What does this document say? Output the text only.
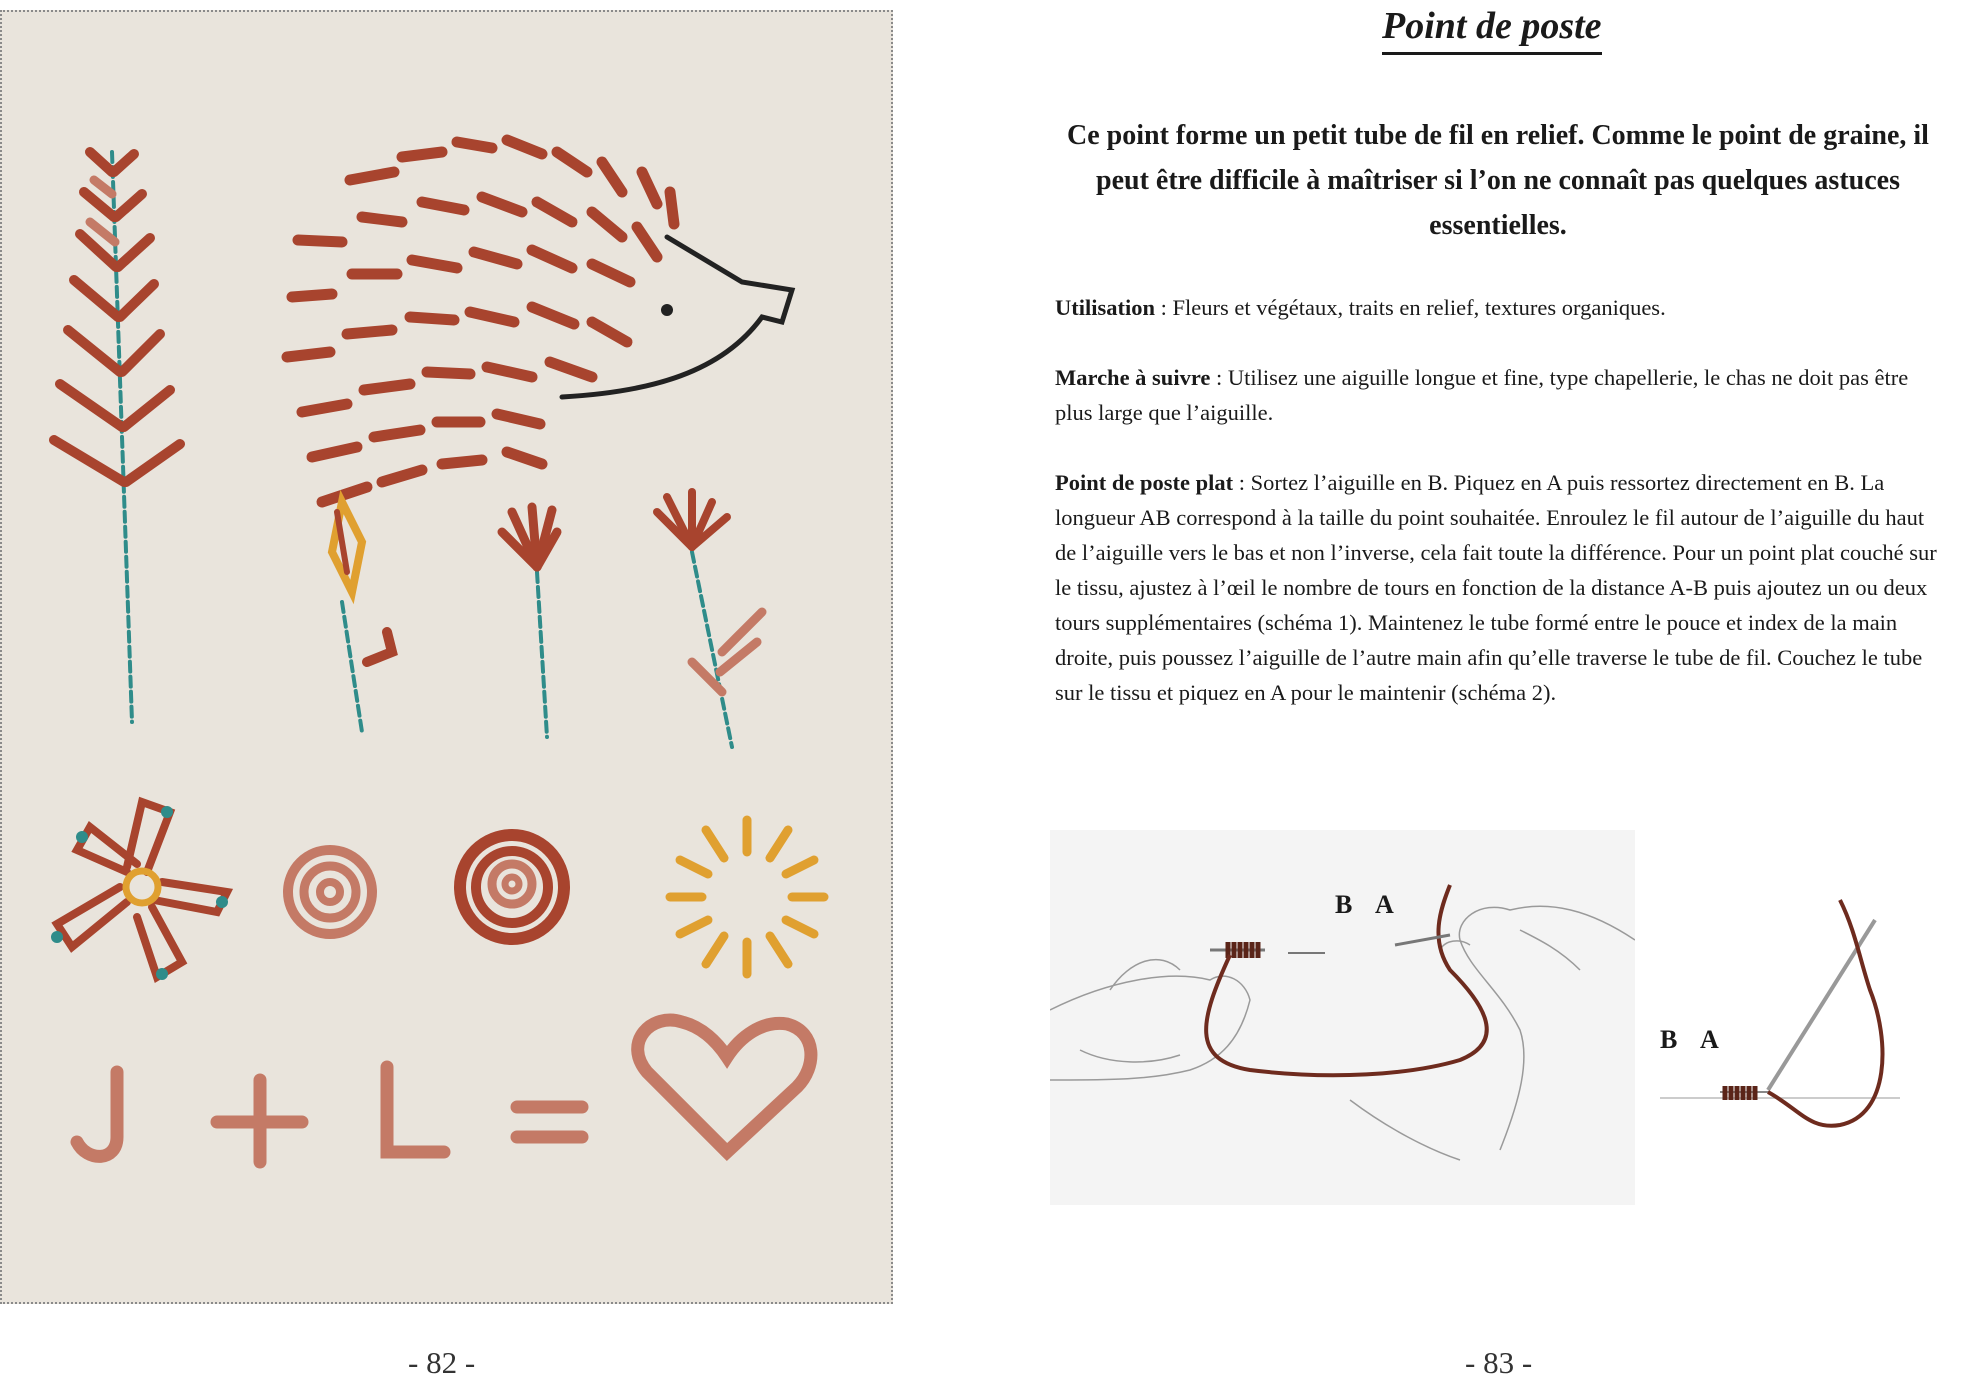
- 82 -
Point de poste
Ce point forme un petit tube de fil en relief. Comme le point de graine, il peut être difficile à maîtriser si l’on ne connaît pas quelques astuces essentielles.
Utilisation : Fleurs et végétaux, traits en relief, textures organiques.
Marche à suivre : Utilisez une aiguille longue et fine, type chapellerie, le chas ne doit pas être plus large que l’aiguille.
Point de poste plat : Sortez l’aiguille en B. Piquez en A puis ressortez directement en B. La longueur AB correspond à la taille du point souhaitée. Enroulez le fil autour de l’aiguille du haut de l’aiguille vers le bas et non l’inverse, cela fait toute la différence. Pour un point plat couché sur le tissu, ajustez à l’œil le nombre de tours en fonction de la distance A-B puis ajoutez un ou deux tours supplémentaires (schéma 1). Maintenez le tube formé entre le pouce et index de la main droite, puis poussez l’aiguille de l’autre main afin qu’elle traverse le tube de fil. Couchez le tube sur le tissu et piquez en A pour le maintenir (schéma 2).
B A
B A
- 83 -
